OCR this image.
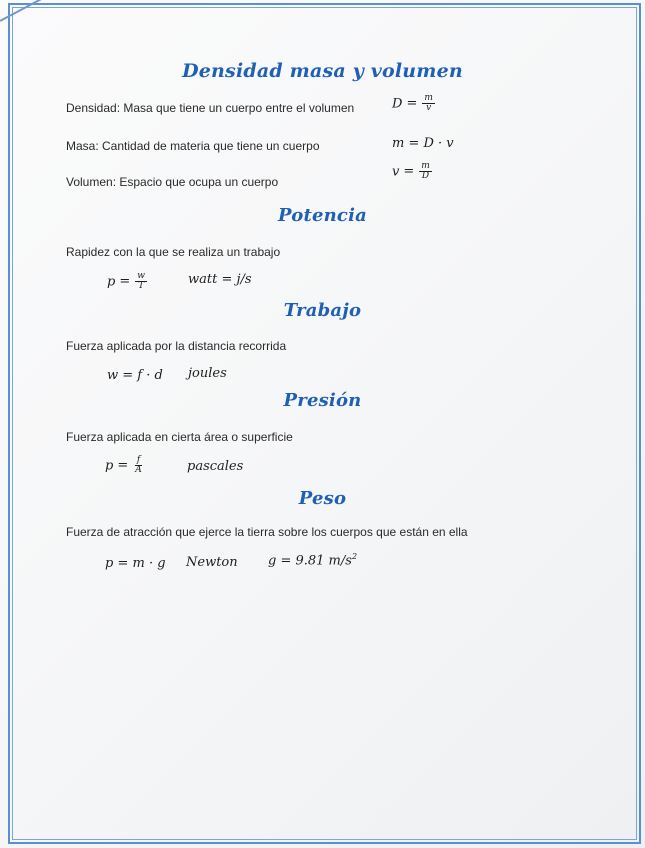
Densidad masa y volumen
Densidad: Masa que tiene un cuerpo entre el volumen	$D = \frac{m}{v}$
Masa: Cantidad de materia que tiene un cuerpo	m = D · v
Volumen: Espacio que ocupa un cuerpo
$v = \frac{m}{D}$
Potencia
Rapidez con la que se realiza un trabajo
$p = \frac{w}{T}$	watt = j/s
Trabajo
Fuerza aplicada por la distancia recorrida
w = f · d joules
Presión
Fuerza aplicada en cierta área o superficie
$p = \frac{f}{A}$	pascales
Peso
Fuerza de atracción que ejerce la tierra sobre los cuerpos que están en ella
p = m · g Newton g = 9.81 $m/s^2$
